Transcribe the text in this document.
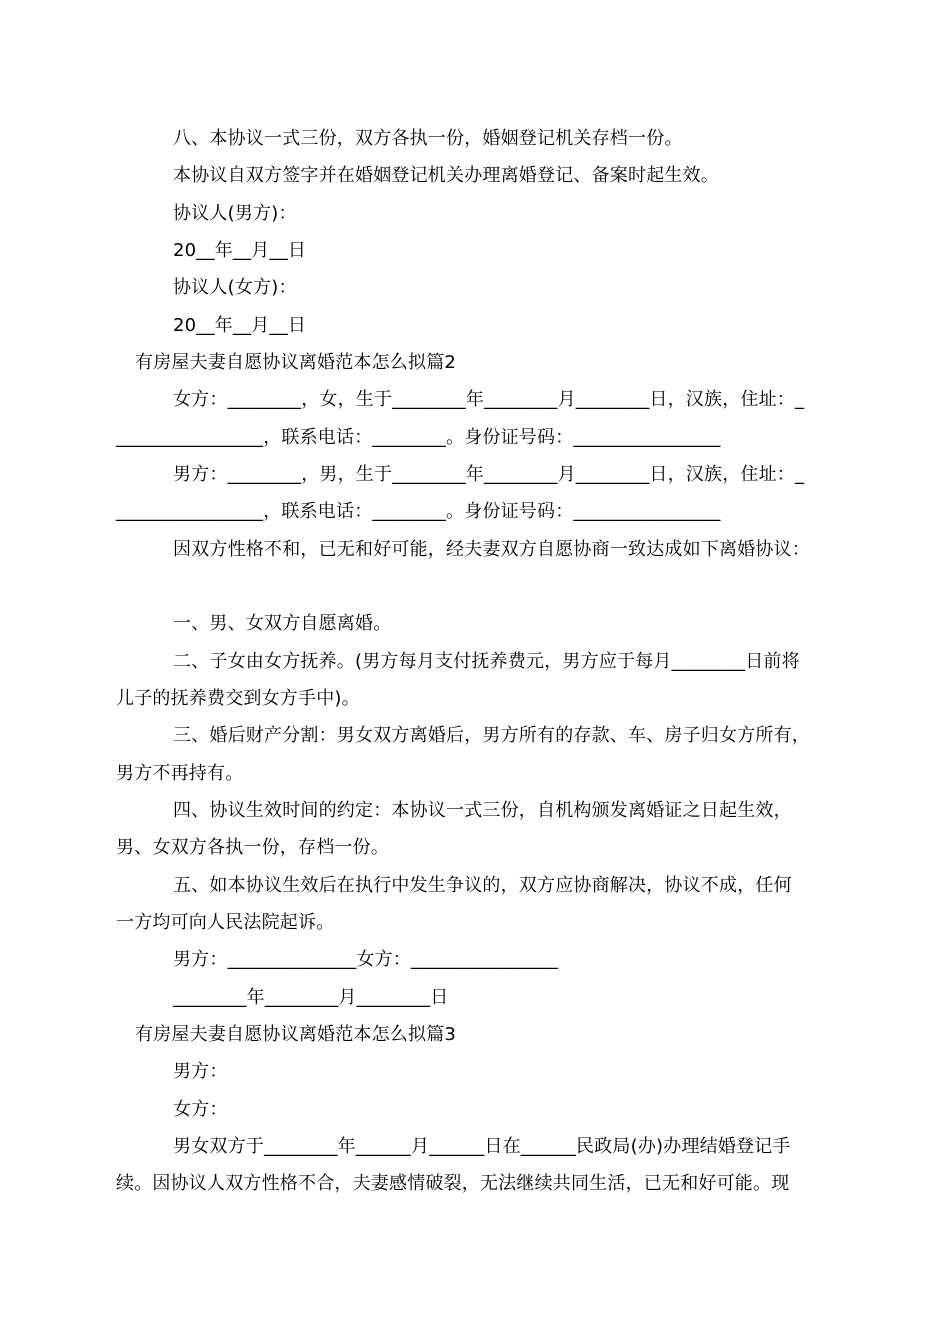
八、本协议一式三份，双方各执一份，婚姻登记机关存档一份。
本协议自双方签字并在婚姻登记机关办理离婚登记、备案时起生效。
协议人(男方)：
20__年__月__日
协议人(女方)：
20__年__月__日
有房屋夫妻自愿协议离婚范本怎么拟篇2
女方：________，女，生于________年________月________日，汉族，住址：_
________________，联系电话：________。身份证号码：________________
男方：________，男，生于________年________月________日，汉族，住址：_
________________，联系电话：________。身份证号码：________________
因双方性格不和，已无和好可能，经夫妻双方自愿协商一致达成如下离婚协议：
一、男、女双方自愿离婚。
二、子女由女方抚养。(男方每月支付抚养费元，男方应于每月________日前将
儿子的抚养费交到女方手中)。
三、婚后财产分割：男女双方离婚后，男方所有的存款、车、房子归女方所有，
男方不再持有。
四、协议生效时间的约定：本协议一式三份，自机构颁发离婚证之日起生效，
男、女双方各执一份，存档一份。
五、如本协议生效后在执行中发生争议的，双方应协商解决，协议不成，任何
一方均可向人民法院起诉。
男方：______________女方：________________
________年________月________日
有房屋夫妻自愿协议离婚范本怎么拟篇3
男方：
女方：
男女双方于________年______月______日在______民政局(办)办理结婚登记手
续。因协议人双方性格不合，夫妻感情破裂，无法继续共同生活，已无和好可能。现
